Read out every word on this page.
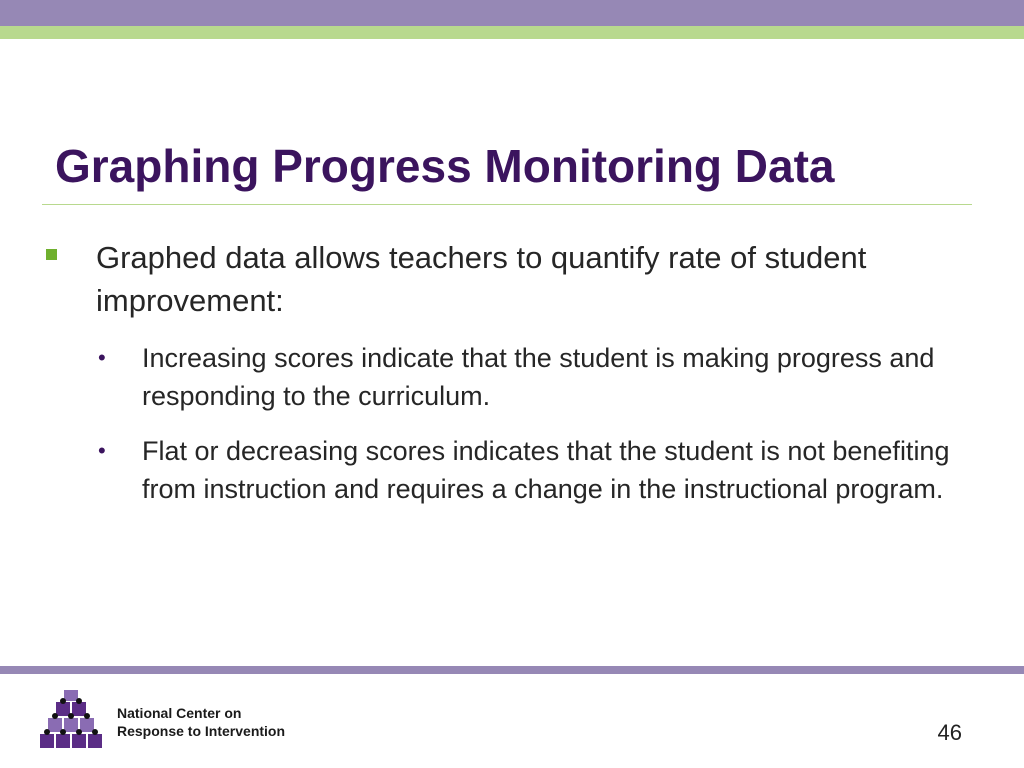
Graphing Progress Monitoring Data
Graphed data allows teachers to quantify rate of student improvement:
• Increasing scores indicate that the student is making progress and responding to the curriculum.
• Flat or decreasing scores indicates that the student is not benefiting from instruction and requires a change in the instructional program.
National Center on
Response to Intervention	46
